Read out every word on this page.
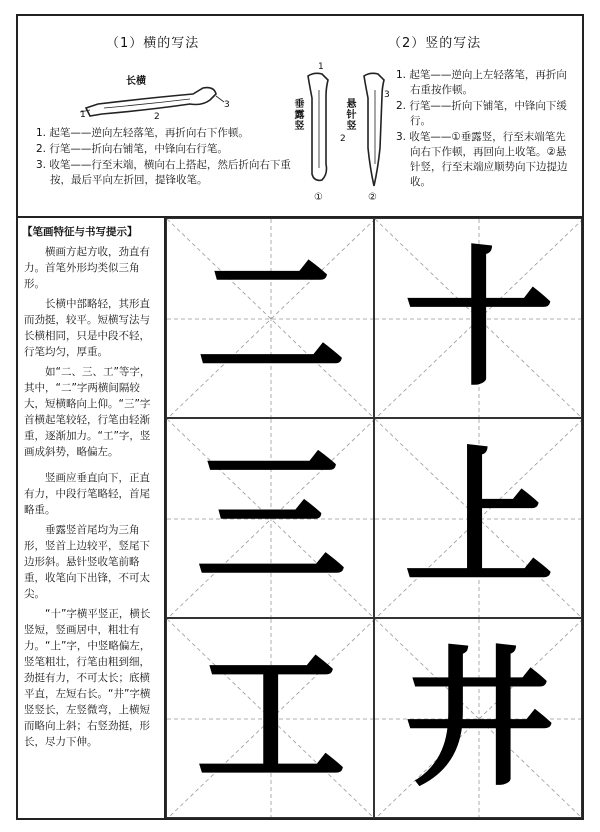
（1）横的写法	（2）竖的写法
长横
1	2
3

1. 起笔——逆向左轻落笔，再折向右下作顿。

2. 行笔——折向右铺笔，中锋向右行笔。

3. 收笔——行至末端，横向右上搭起，然后折向右下重按，最后平向左折回，提锋收笔。

垂露竖	悬针竖
1
2
3
①	②

1. 起笔——逆向上左轻落笔，再折向右重按作顿。

2. 行笔——折向下铺笔，中锋向下缓行。

3. 收笔——①垂露竖，行至末端笔先向右下作顿，再回向上收笔。②悬针竖，行至末端应顺势向下边提边收。

【笔画特征与书写提示】

横画方起方收，劲直有力。首笔外形均类似三角形。

长横中部略轻，其形直而劲挺，较平。短横写法与长横相同，只是中段不轻，行笔均匀，厚重。

如“二、三、工”等字，其中，“二”字两横间隔较大，短横略向上仰。“三”字首横起笔较轻，行笔由轻渐重，逐渐加力。“工”字，竖画成斜势，略偏左。

竖画应垂直向下，正直有力，中段行笔略轻，首尾略重。

垂露竖首尾均为三角形，竖首上边较平，竖尾下边形斜。悬针竖收笔前略重，收笔向下出锋，不可太尖。

“十”字横平竖正，横长竖短，竖画居中，粗壮有力。“上”字，中竖略偏左，竖笔粗壮，行笔由粗到细，劲挺有力，不可太长；底横平直，左短右长。“井”字横竖竖长，左竖微弯，上横短而略向上斜；右竖劲挺，形长，尽力下伸。

二 十
三 上
工 井
